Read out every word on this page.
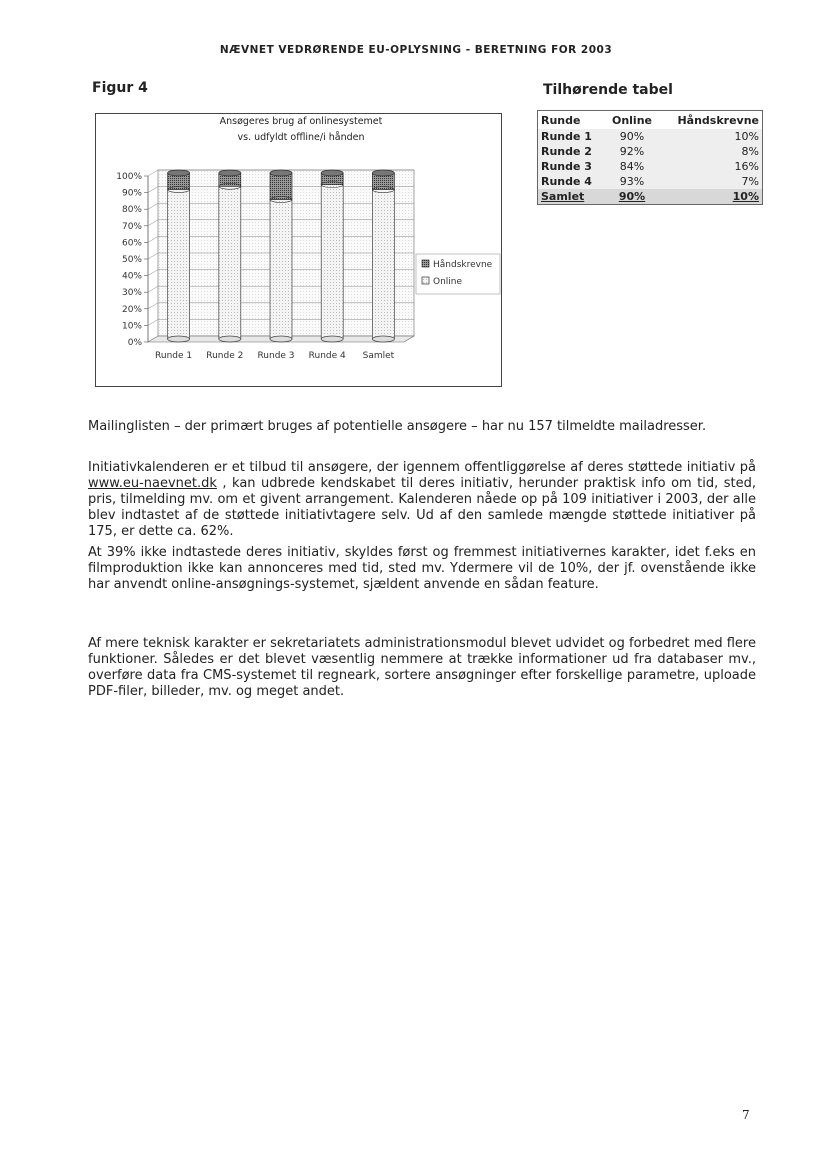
NÆVNET VEDRØRENDE EU-OPLYSNING - BERETNING FOR 2003
Figur 4	Tilhørende tabel
Ansøgeres brug af onlinesystemet
vs. udfyldt offline/i hånden
0%
10%
20%
30%
40%
50%
60%
70%
80%
90%
100%
Runde 1 Runde 2 Runde 3 Runde 4 Samlet
Håndskrevne
Online
Runde	Online	Håndskrevne
Runde 1	90%	10%
Runde 2	92%	8%
Runde 3	84%	16%
Runde 4	93%	7%
Samlet	90%	10%
Mailinglisten – der primært bruges af potentielle ansøgere – har nu 157 tilmeldte mailadresser.
Initiativkalenderen er et tilbud til ansøgere, der igennem offentliggørelse af deres støttede initiativ på www.eu-naevnet.dk , kan udbrede kendskabet til deres initiativ, herunder praktisk info om tid, sted, pris, tilmelding mv. om et givent arrangement. Kalenderen nåede op på 109 initiativer i 2003, der alle blev indtastet af de støttede initiativtagere selv. Ud af den samlede mængde støttede initiativer på 175, er dette ca. 62%.
At 39% ikke indtastede deres initiativ, skyldes først og fremmest initiativernes karakter, idet f.eks en filmproduktion ikke kan annonceres med tid, sted mv. Ydermere vil de 10%, der jf. ovenstående ikke har anvendt online-ansøgnings-systemet, sjældent anvende en sådan feature.
Af mere teknisk karakter er sekretariatets administrationsmodul blevet udvidet og forbedret med flere funktioner. Således er det blevet væsentlig nemmere at trække informationer ud fra databaser mv., overføre data fra CMS-systemet til regneark, sortere ansøgninger efter forskellige parametre, uploade PDF-filer, billeder, mv. og meget andet.
7
